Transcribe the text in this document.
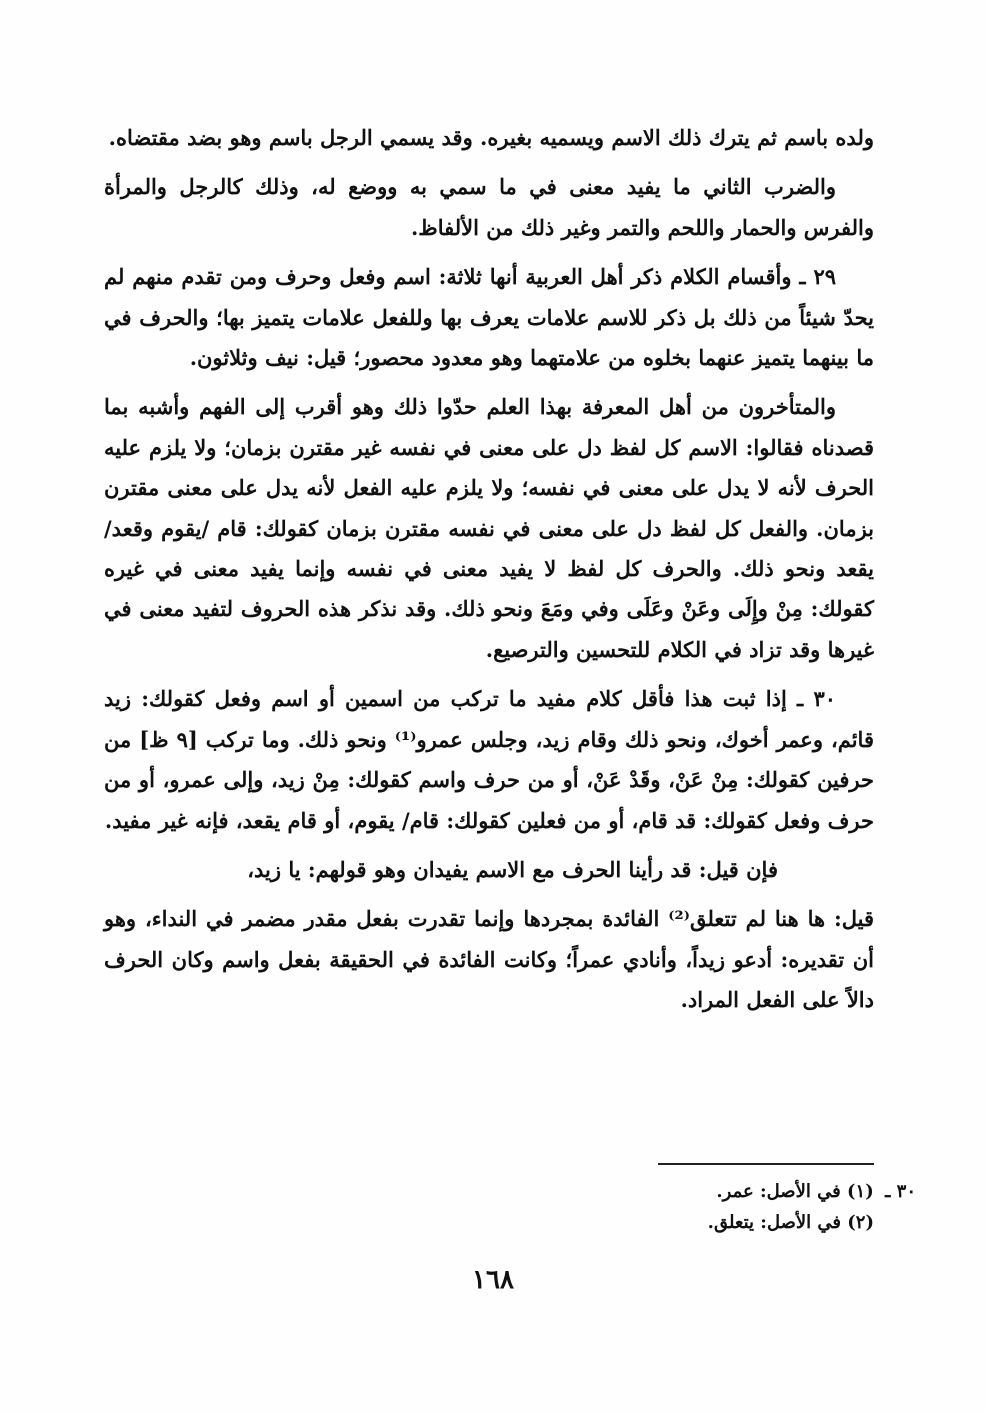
ولده باسم ثم يترك ذلك الاسم ويسميه بغيره. وقد يسمي الرجل باسم وهو بضد مقتضاه.

والضرب الثاني ما يفيد معنى في ما سمي به ووضع له، وذلك كالرجل والمرأة والفرس والحمار واللحم والتمر وغير ذلك من الألفاظ.

٢٩ ـ وأقسام الكلام ذكر أهل العربية أنها ثلاثة: اسم وفعل وحرف ومن تقدم منهم لم يحدّ شيئاً من ذلك بل ذكر للاسم علامات يعرف بها وللفعل علامات يتميز بها؛ والحرف في ما بينهما يتميز عنهما بخلوه من علامتهما وهو معدود محصور؛ قيل: نيف وثلاثون.

والمتأخرون من أهل المعرفة بهذا العلم حدّوا ذلك وهو أقرب إلى الفهم وأشبه بما قصدناه فقالوا: الاسم كل لفظ دل على معنى في نفسه غير مقترن بزمان؛ ولا يلزم عليه الحرف لأنه لا يدل على معنى في نفسه؛ ولا يلزم عليه الفعل لأنه يدل على معنى مقترن بزمان. والفعل كل لفظ دل على معنى في نفسه مقترن بزمان كقولك: قام /يقوم وقعد/ يقعد ونحو ذلك. والحرف كل لفظ لا يفيد معنى في نفسه وإنما يفيد معنى في غيره كقولك: مِنْ وإِلَى وعَنْ وعَلَى وفي ومَعَ ونحو ذلك. وقد نذكر هذه الحروف لتفيد معنى في غيرها وقد تزاد في الكلام للتحسين والترصيع.

٣٠ ـ إذا ثبت هذا فأقل كلام مفيد ما تركب من اسمين أو اسم وفعل كقولك: زيد قائم، وعمر أخوك، ونحو ذلك وقام زيد، وجلس عمرو⁽¹⁾ ونحو ذلك. وما تركب [٩ ظ] من حرفين كقولك: مِنْ عَنْ، وقَدْ عَنْ، أو من حرف واسم كقولك: مِنْ زيد، وإلى عمرو، أو من حرف وفعل كقولك: قد قام، أو من فعلين كقولك: قام/ يقوم، أو قام يقعد، فإنه غير مفيد.

فإن قيل: قد رأينا الحرف مع الاسم يفيدان وهو قولهم: يا زيد،

قيل: ها هنا لم تتعلق⁽²⁾ الفائدة بمجردها وإنما تقدرت بفعل مقدر مضمر في النداء، وهو أن تقديره: أدعو زيداً، وأنادي عمراً؛ وكانت الفائدة في الحقيقة بفعل واسم وكان الحرف دالاً على الفعل المراد.

٣٠ ـ (١) في الأصل: عمر.

(٢) في الأصل: يتعلق.

١٦٨
